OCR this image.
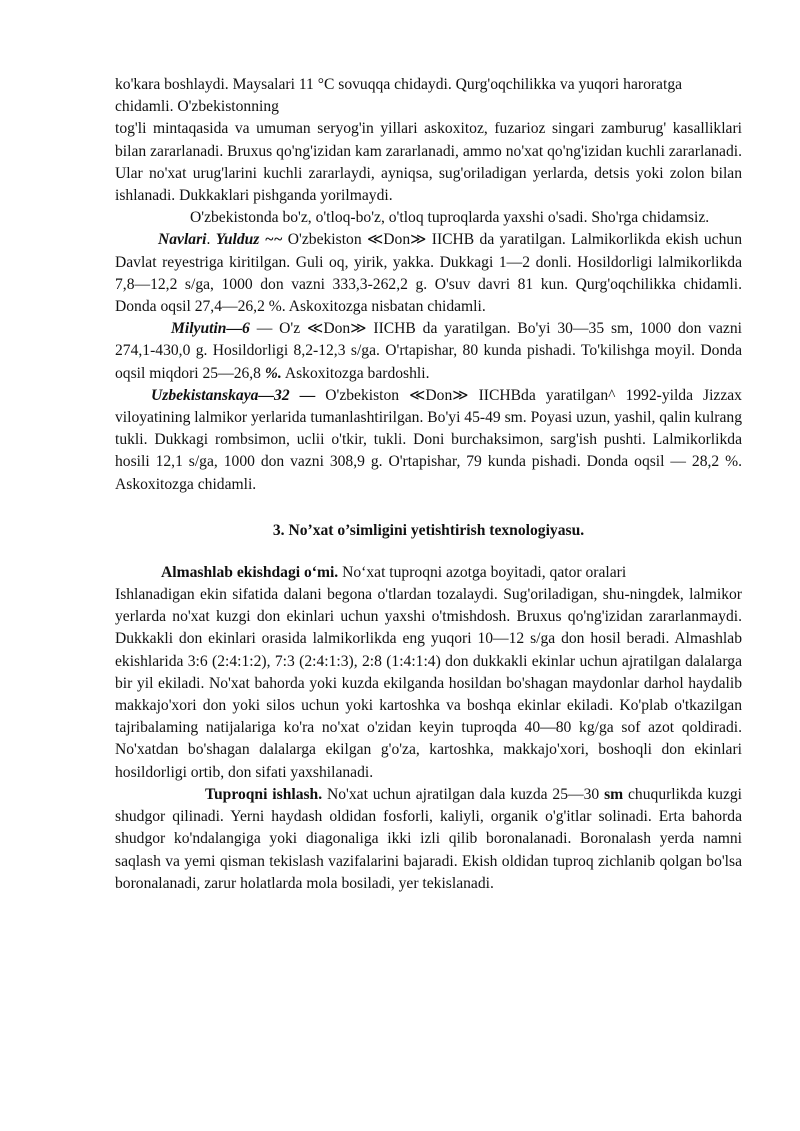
ko'kara boshlaydi. Maysalari 11 °C sovuqqa chidaydi. Qurg'oqchilikka va yuqori haroratga chidamli. O'zbekistonning

tog'li mintaqasida va umuman seryog'in yillari askoxitoz, fuzarioz singari zamburug' kasalliklari bilan zararlanadi. Bruxus qo'ng'izidan kam zararlanadi, ammo no'xat qo'ng'izidan kuchli zararlanadi. Ular no'xat urug'larini kuchli zararlaydi, ayniqsa, sug'oriladigan yerlarda, detsis yoki zolon bilan ishlanadi. Dukkaklari pishganda yorilmaydi.

O'zbekistonda bo'z, o'tloq-bo'z, o'tloq tuproqlarda yaxshi o'sadi. Sho'rga chidamsiz.

Navlari. Yulduz ~~ O'zbekiston ≪Don≫ IICHB da yaratilgan. Lalmikorlikda ekish uchun Davlat reyestriga kiritilgan. Guli oq, yirik, yakka. Dukkagi 1—2 donli. Hosildorligi lalmikorlikda 7,8—12,2 s/ga, 1000 don vazni 333,3-262,2 g. O'suv davri 81 kun. Qurg'oqchilikka chidamli. Donda oqsil 27,4—26,2 %. Askoxitozga nisbatan chidamli.

Milyutin—6 — O'z ≪Don≫ IICHB da yaratilgan. Bo'yi 30—35 sm, 1000 don vazni 274,1-430,0 g. Hosildorligi 8,2-12,3 s/ga. O'rtapishar, 80 kunda pishadi. To'kilishga moyil. Donda oqsil miqdori 25—26,8 %. Askoxitozga bardoshli.

Uzbekistanskaya—32 — O'zbekiston ≪Don≫ IICHBda yaratilgan^ 1992-yilda Jizzax viloyatining lalmikor yerlarida tumanlashtirilgan. Bo'yi 45-49 sm. Poyasi uzun, yashil, qalin kulrang tukli. Dukkagi rombsimon, uclii o'tkir, tukli. Doni burchaksimon, sarg'ish pushti. Lalmikorlikda hosili 12,1 s/ga, 1000 don vazni 308,9 g. O'rtapishar, 79 kunda pishadi. Donda oqsil — 28,2 %. Askoxitozga chidamli.

3. No’xat o’simligini yetishtirish texnologiyasu.

Almashlab ekishdagi o‘mi. No‘xat tuproqni azotga boyitadi, qator oralari

Ishlanadigan ekin sifatida dalani begona o'tlardan tozalaydi. Sug'oriladigan, shu-ningdek, lalmikor yerlarda no'xat kuzgi don ekinlari uchun yaxshi o'tmishdosh. Bruxus qo'ng'izidan zararlanmaydi. Dukkakli don ekinlari orasida lalmikorlikda eng yuqori 10—12 s/ga don hosil beradi. Almashlab ekishlarida 3:6 (2:4:1:2), 7:3 (2:4:1:3), 2:8 (1:4:1:4) don dukkakli ekinlar uchun ajratilgan dalalarga bir yil ekiladi. No'xat bahorda yoki kuzda ekilganda hosildan bo'shagan maydonlar darhol haydalib makkajo'xori don yoki silos uchun yoki kartoshka va boshqa ekinlar ekiladi. Ko'plab o'tkazilgan tajribalaming natijalariga ko'ra no'xat o'zidan keyin tuproqda 40—80 kg/ga sof azot qoldiradi. No'xatdan bo'shagan dalalarga ekilgan g'o'za, kartoshka, makkajo'xori, boshoqli don ekinlari hosildorligi ortib, don sifati yaxshilanadi.

Tuproqni ishlash. No'xat uchun ajratilgan dala kuzda 25—30 sm chuqurlikda kuzgi shudgor qilinadi. Yerni haydash oldidan fosforli, kaliyli, organik o'g'itlar solinadi. Erta bahorda shudgor ko'ndalangiga yoki diagonaliga ikki izli qilib boronalanadi. Boronalash yerda namni saqlash va yemi qisman tekislash vazifalarini bajaradi. Ekish oldidan tuproq zichlanib qolgan bo'lsa boronalanadi, zarur holatlarda mola bosiladi, yer tekislanadi.
